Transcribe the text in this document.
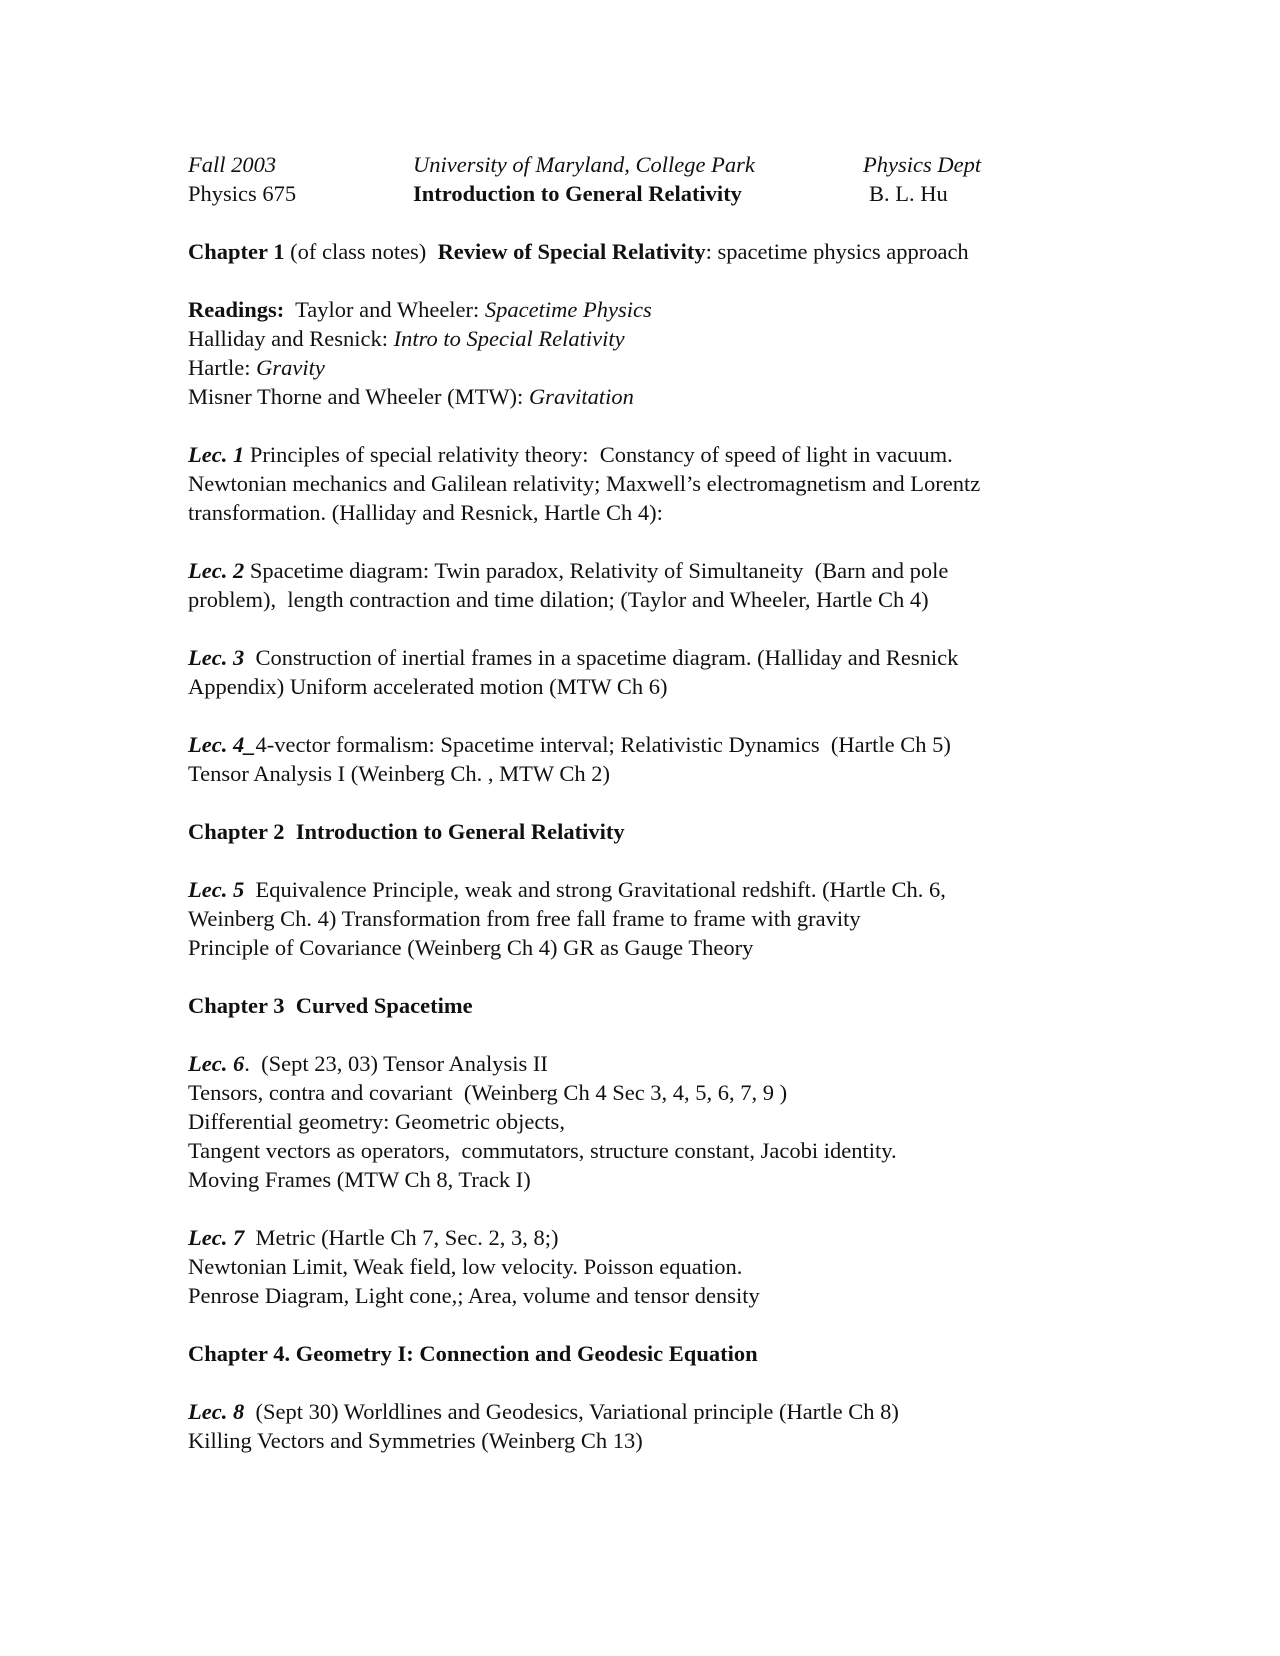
Fall 2003	University of Maryland, College Park	Physics Dept
Physics 675	Introduction to General Relativity	B. L. Hu
Chapter 1 (of class notes)  Review of Special Relativity: spacetime physics approach
Readings:  Taylor and Wheeler: Spacetime Physics
Halliday and Resnick: Intro to Special Relativity
Hartle: Gravity
Misner Thorne and Wheeler (MTW): Gravitation
Lec. 1 Principles of special relativity theory:  Constancy of speed of light in vacuum.
Newtonian mechanics and Galilean relativity; Maxwell’s electromagnetism and Lorentz
transformation. (Halliday and Resnick, Hartle Ch 4):
Lec. 2 Spacetime diagram: Twin paradox, Relativity of Simultaneity  (Barn and pole
problem),  length contraction and time dilation; (Taylor and Wheeler, Hartle Ch 4)
Lec. 3  Construction of inertial frames in a spacetime diagram. (Halliday and Resnick
Appendix) Uniform accelerated motion (MTW Ch 6)
Lec. 4_4-vector formalism: Spacetime interval; Relativistic Dynamics  (Hartle Ch 5)
Tensor Analysis I (Weinberg Ch. , MTW Ch 2)
Chapter 2  Introduction to General Relativity
Lec. 5  Equivalence Principle, weak and strong Gravitational redshift. (Hartle Ch. 6,
Weinberg Ch. 4) Transformation from free fall frame to frame with gravity
Principle of Covariance (Weinberg Ch 4) GR as Gauge Theory
Chapter 3  Curved Spacetime
Lec. 6.  (Sept 23, 03) Tensor Analysis II
Tensors, contra and covariant  (Weinberg Ch 4 Sec 3, 4, 5, 6, 7, 9 )
Differential geometry: Geometric objects,
Tangent vectors as operators,  commutators, structure constant, Jacobi identity.
Moving Frames (MTW Ch 8, Track I)
Lec. 7  Metric (Hartle Ch 7, Sec. 2, 3, 8;)
Newtonian Limit, Weak field, low velocity. Poisson equation.
Penrose Diagram, Light cone,; Area, volume and tensor density
Chapter 4. Geometry I: Connection and Geodesic Equation
Lec. 8  (Sept 30) Worldlines and Geodesics, Variational principle (Hartle Ch 8)
Killing Vectors and Symmetries (Weinberg Ch 13)
